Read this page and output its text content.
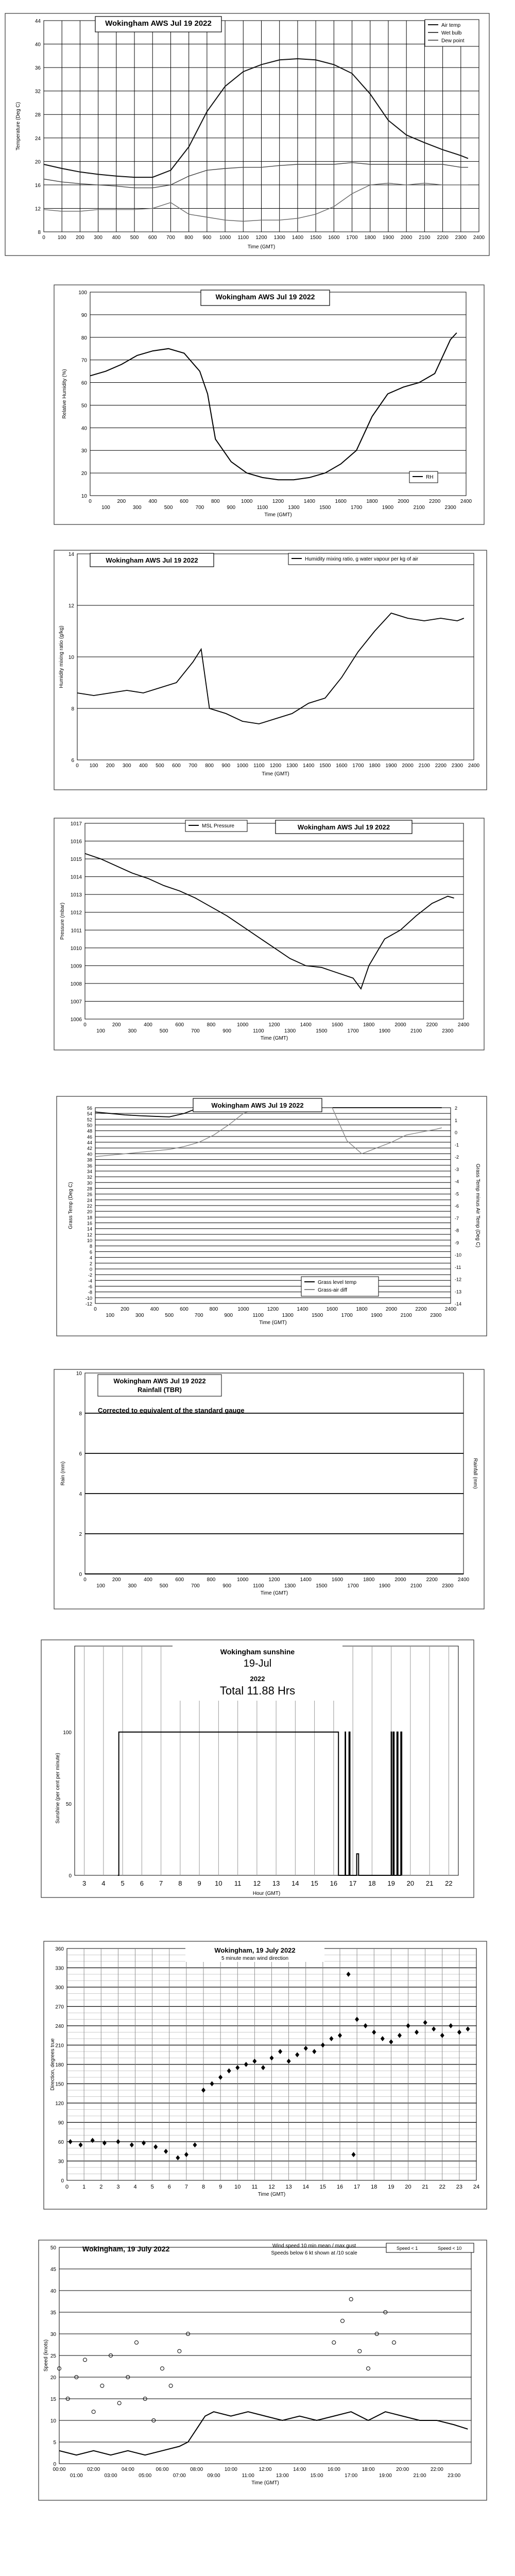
8
12
16
20
24
28
32
36
40
44
0 100 200 300 400 500 600 700 800 900 1000 1100 1200 1300 1400 1500 1600 1700 1800 1900 2000 2100 2200 2300 2400
Time (GMT)
Temperature (Deg C)
Wokingham AWS Jul 19 2022	Air temp
Wet bulb
Dew point
10
20
30
40
50
60
70
80
90
100
0	200	400	600	800	1000	1200	1400	1600	1800	2000	2200	2400
100	300	500	700	900	1100	1300	1500	1700	1900	2100	2300
Time (GMT)
Relative Humidity (%)
Wokingham AWS Jul 19 2022
RH
6
8
10
12
14
0 100 200 300 400 500 600 700 800 900 1000 1100 1200 1300 1400 1500 1600 1700 1800 1900 2000 2100 2200 2300 2400
Time (GMT)
Humidity mixing ratio (g/kg)
Wokingham AWS Jul 19 2022	Humidity mixing ratio, g water vapour per kg of air
1006
1007
1008
1009
1010
1011
1012
1013
1014
1015
1016
1017
0	200	400	600	800	1000	1200	1400	1600	1800	2000	2200	2400
100	300	500	700	900	1100	1300	1500	1700	1900	2100	2300
Time (GMT)
Pressure (mbar)
MSL Pressure	Wokingham AWS Jul 19 2022
56
54
52
50
48
46
44
42
40
38
36
34
32
30
28
26
24
22
20
18
16
14
12
10
8
6
4
2
0
-2
-4
-6
-8
-10
-12
2
1
0
-1
-2
-3
-4
-5
-6
-7
-8
-9
-10
-11
-12
-13
-14
0	200	400	600	800	1000	1200	1400	1600	1800	2000	2200	2400
100	300	500	700	900	1100	1300	1500	1700	1900	2100	2300
Time (GMT)
Grass Temp (Deg C)	Grass Temp minus Air Temp (Deg C)
Wokingham AWS Jul 19 2022
Grass level temp
Grass-air diff
0
2
4
6
8
10
0	200	400	600	800	1000	1200	1400	1600	1800	2000	2200	2400
100	300	500	700	900	1100	1300	1500	1700	1900	2100	2300
Time (GMT)
Rain (mm)	Rainfall (mm)
Wokingham AWS Jul 19 2022
Rainfall (TBR)
Corrected to equivalent of the standard gauge
0
50
100
3 4 5 6 7 8 9 10 11 12 13 14 15 16 17 18 19 20 21 22
Hour (GMT)
Sunshine (per cent per minute)
Wokingham sunshine
19-Jul
2022
Total 11.88 Hrs
0
30
60
90
120
150
180
210
240
270
300
330
360
0 1 2 3 4 5 6 7 8 9 10 11 12 13 14 15 16 17 18 19 20 21 22 23 24
Time (GMT)
Direction, degrees true
Wokingham, 19 July 2022
5 minute mean wind direction
0
5
10
15
20
25
30
35
40
45
50
00:00	02:00	04:00	06:00	08:00	10:00	12:00	14:00	16:00	18:00	20:00	22:00
01:00	03:00	05:00	07:00	09:00	11:00	13:00	15:00	17:00	19:00	21:00	23:00
Time (GMT)
Speed (knots)
Wokingham, 19 July 2022	Wind speed 10 min mean / max gust
Speeds below 6 kt shown at /10 scale
Speed < 1	Speed < 10
